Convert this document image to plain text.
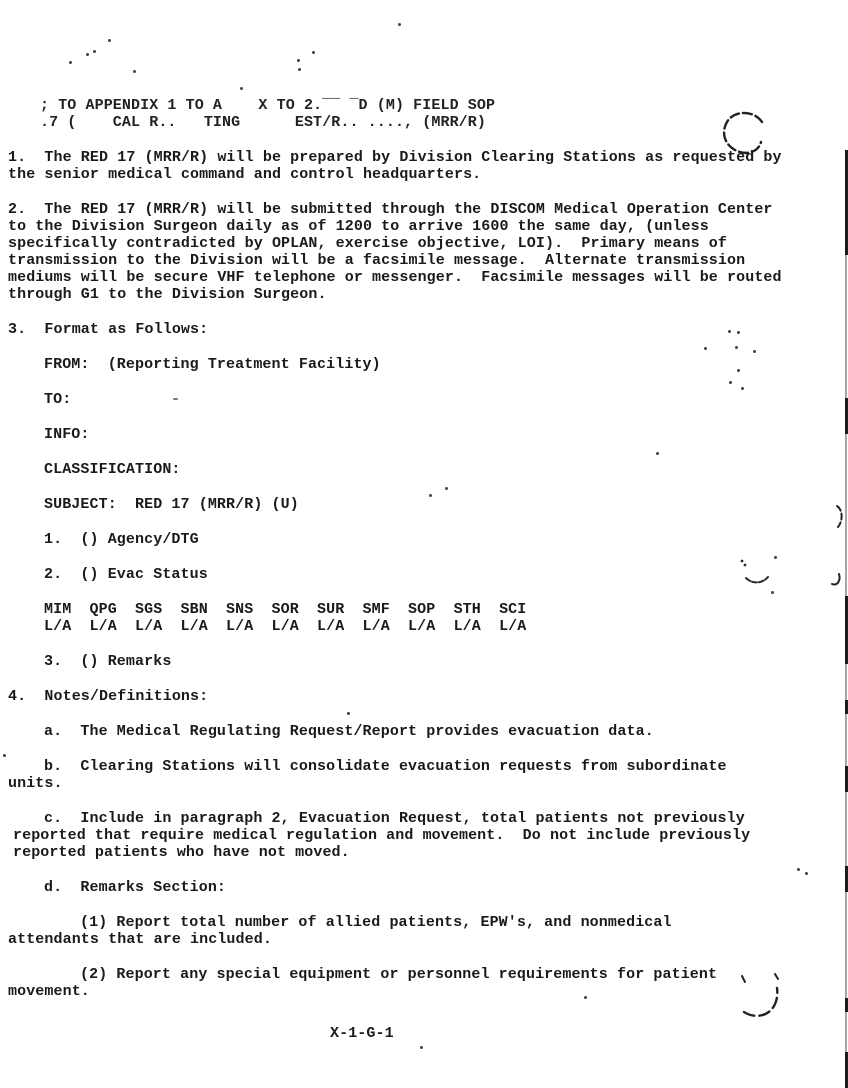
; TO APPENDIX 1 TO A    X TO 2.¯¯ ¯D (M) FIELD SOP
.7 (    CAL R..   TING      EST/R.. ...., (MRR/R)
1.  The RED 17 (MRR/R) will be prepared by Division Clearing Stations as requested by
the senior medical command and control headquarters.
2.  The RED 17 (MRR/R) will be submitted through the DISCOM Medical Operation Center
to the Division Surgeon daily as of 1200 to arrive 1600 the same day, (unless
specifically contradicted by OPLAN, exercise objective, LOI).  Primary means of
transmission to the Division will be a facsimile message.  Alternate transmission
mediums will be secure VHF telephone or messenger.  Facsimile messages will be routed
through G1 to the Division Surgeon.
3.  Format as Follows:
FROM:  (Reporting Treatment Facility)
TO:
INFO:
CLASSIFICATION:
SUBJECT:  RED 17 (MRR/R) (U)
1.  () Agency/DTG
2.  () Evac Status
MIM  QPG  SGS  SBN  SNS  SOR  SUR  SMF  SOP  STH  SCI
L/A  L/A  L/A  L/A  L/A  L/A  L/A  L/A  L/A  L/A  L/A
3.  () Remarks
4.  Notes/Definitions:
a.  The Medical Regulating Request/Report provides evacuation data.
b.  Clearing Stations will consolidate evacuation requests from subordinate
units.
c.  Include in paragraph 2, Evacuation Request, total patients not previously
reported that require medical regulation and movement.  Do not include previously
reported patients who have not moved.
d.  Remarks Section:
(1) Report total number of allied patients, EPW's, and nonmedical
attendants that are included.
(2) Report any special equipment or personnel requirements for patient
movement.
X-1-G-1
